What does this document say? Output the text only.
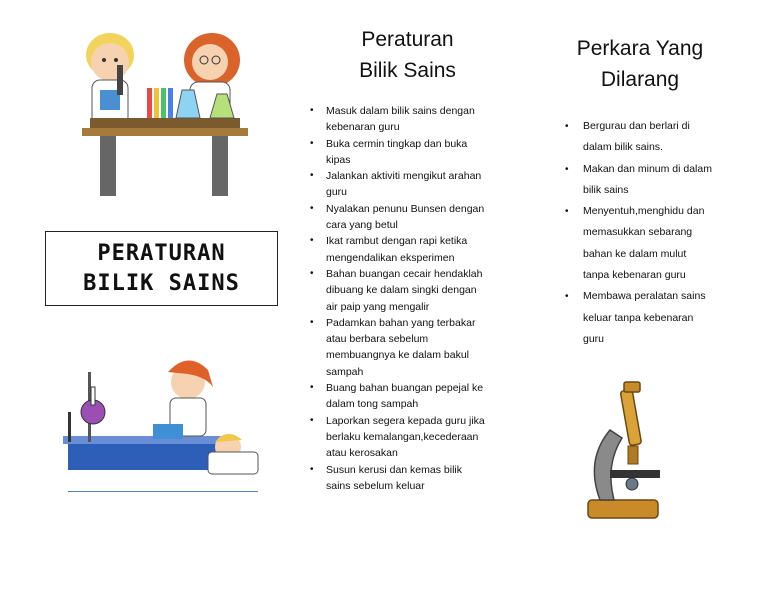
PERATURAN BILIK SAINS
Peraturan
Bilik Sains
• Masuk dalam bilik sains dengan kebenaran guru
• Buka cermin tingkap dan buka kipas
• Jalankan aktiviti mengikut arahan guru
• Nyalakan penunu Bunsen dengan cara yang betul
• Ikat rambut dengan rapi ketika mengendalikan eksperimen
• Bahan buangan cecair hendaklah dibuang ke dalam singki dengan air paip yang mengalir
• Padamkan bahan yang terbakar atau berbara sebelum membuangnya ke dalam bakul sampah
• Buang bahan buangan pepejal ke dalam tong sampah
• Laporkan segera kepada guru jika berlaku kemalangan,kecederaan atau kerosakan
• Susun kerusi dan kemas bilik sains sebelum keluar
Perkara Yang
Dilarang
• Bergurau dan berlari di dalam bilik sains.
• Makan dan minum di dalam bilik sains
• Menyentuh,menghidu dan memasukkan sebarang bahan ke dalam mulut tanpa kebenaran guru
• Membawa peralatan sains keluar tanpa kebenaran guru
